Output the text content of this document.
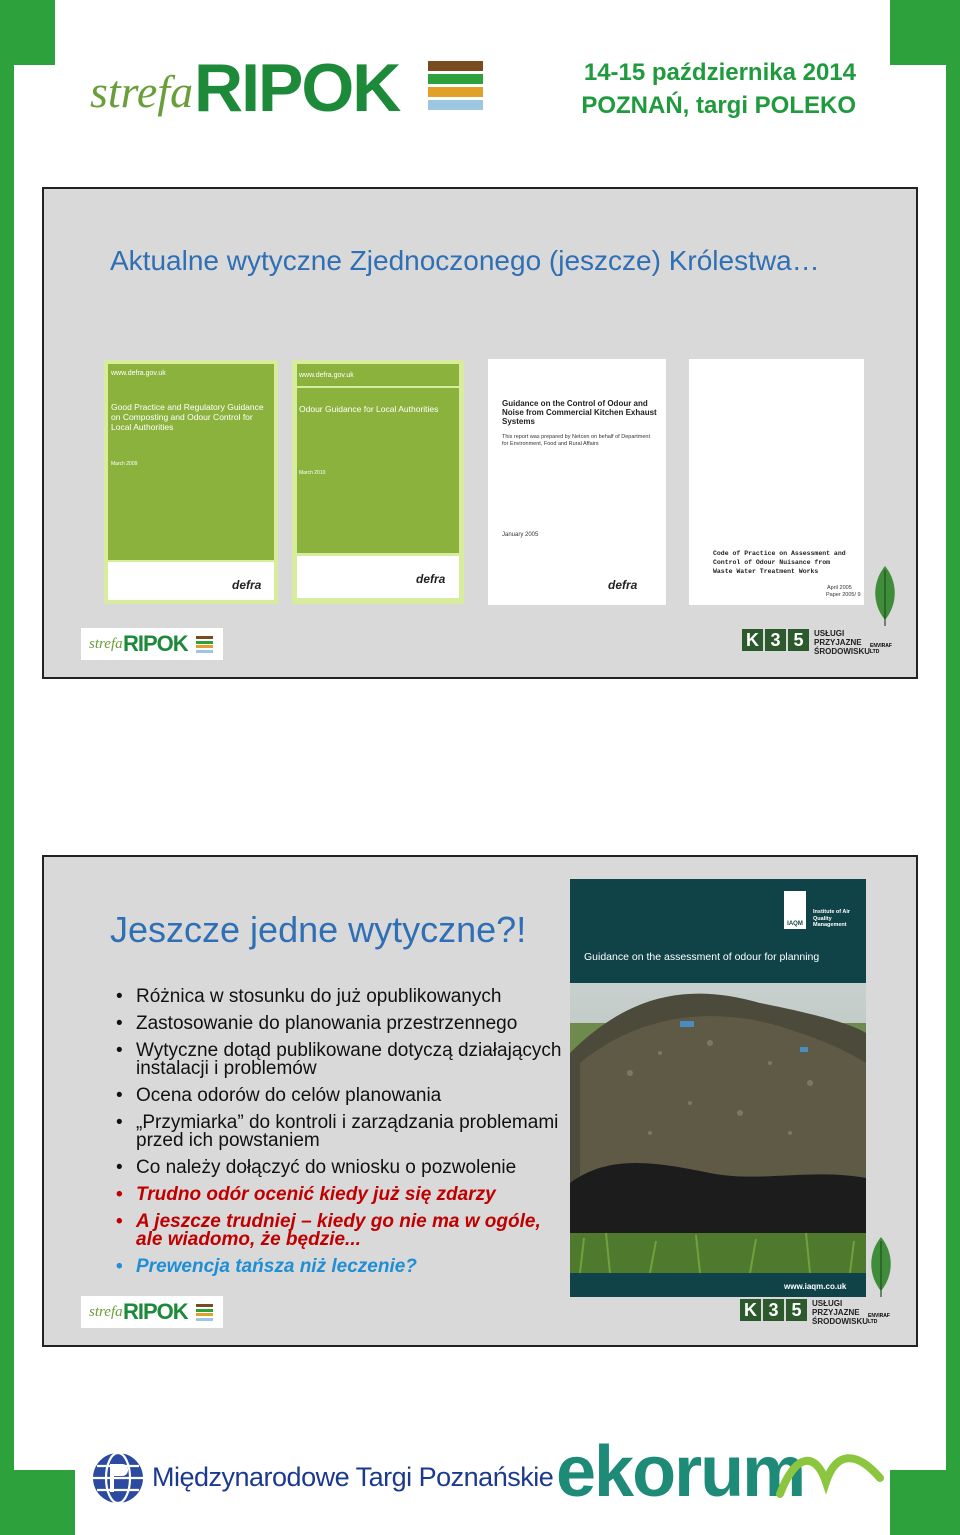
strefa RIPOK	14-15 października 2014
POZNAŃ, targi POLEKO
Aktualne wytyczne Zjednoczonego (jeszcze) Królestwa…
www.defra.gov.uk
Good Practice and Regulatory Guidance on Composting and Odour Control for Local Authorities
March 2009
defra
www.defra.gov.uk
Odour Guidance for Local Authorities
March 2010
defra
Guidance on the Control of Odour and Noise from Commercial Kitchen Exhaust Systems
This report was prepared by Netcen on behalf of Department for Environment, Food and Rural Affairs
January 2005
defra
Code of Practice on Assessment and Control of Odour Nuisance from Waste Water Treatment Works
April 2005
Paper 2005/ 9
strefa RIPOK	K 3 5 USŁUGI
PRZYJAZNE
ŚRODOWISKU
ENVIRAF LTD
Jeszcze jedne wytyczne?!
• Różnica w stosunku do już opublikowanych
• Zastosowanie do planowania przestrzennego
• Wytyczne dotąd publikowane dotyczą działających instalacji i problemów
• Ocena odorów do celów planowania
• „Przymiarka” do kontroli i zarządzania problemami przed ich powstaniem
• Co należy dołączyć do wniosku o pozwolenie
• Trudno odór ocenić kiedy już się zdarzy
• A jeszcze trudniej – kiedy go nie ma w ogóle, ale wiadomo, że będzie...
• Prewencja tańsza niż leczenie?
IAQM
Institute of Air Quality Management
Guidance on the assessment of odour for planning
www.iaqm.co.uk
strefa RIPOK	K 3 5 USŁUGI
PRZYJAZNE
ŚRODOWISKU
ENVIRAF LTD
Międzynarodowe Targi Poznańskie ekorum
